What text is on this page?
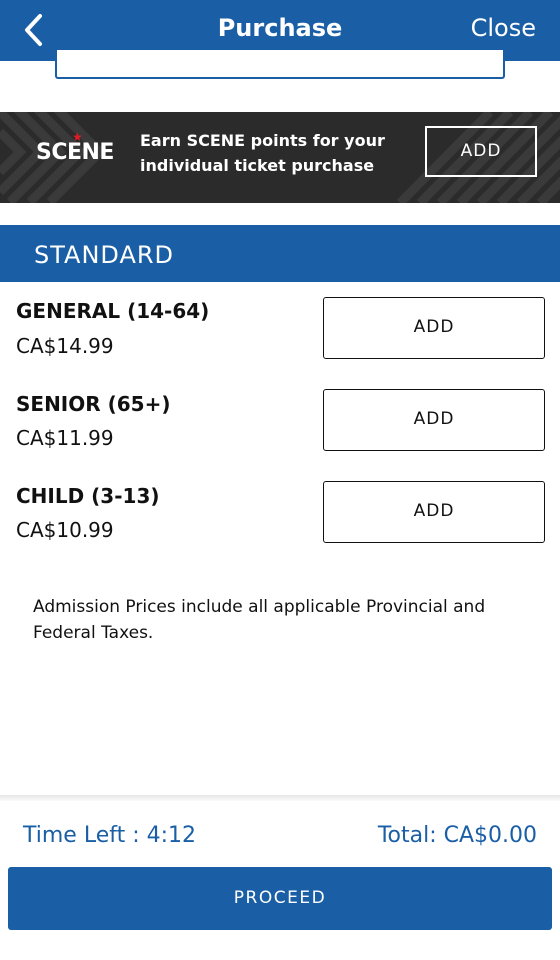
Purchase	Close
★
SCENE Earn SCENE points for your individual ticket purchase
ADD
STANDARD
GENERAL (14-64)
CA$14.99
ADD
SENIOR (65+)
CA$11.99
ADD
CHILD (3-13)
CA$10.99
ADD
Admission Prices include all applicable Provincial and Federal Taxes.
Time Left : 4:12	Total: CA$0.00
PROCEED
